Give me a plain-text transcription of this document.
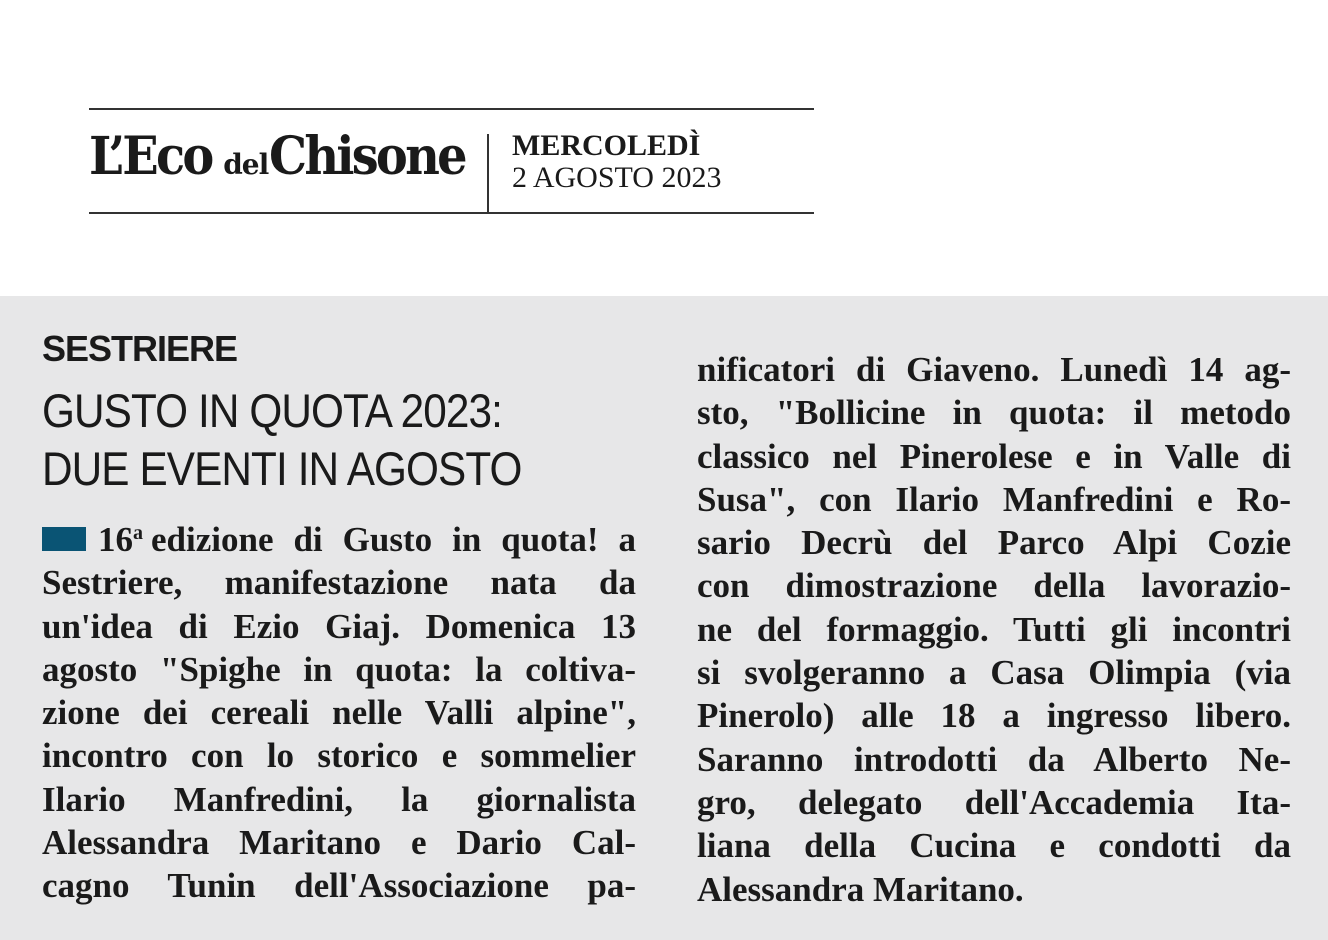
L’Eco delChisone	MERCOLEDÌ
2 AGOSTO 2023
SESTRIERE
GUSTO IN QUOTA 2023:
DUE EVENTI IN AGOSTO
16$^a$ edizione di Gusto in quota! a
Sestriere, manifestazione nata da
un'idea di Ezio Giaj. Domenica 13
agosto "Spighe in quota: la coltiva-
zione dei cereali nelle Valli alpine",
incontro con lo storico e sommelier
Ilario Manfredini, la giornalista
Alessandra Maritano e Dario Cal-
cagno Tunin dell'Associazione pa-
nificatori di Giaveno. Lunedì 14 ag-
sto, "Bollicine in quota: il metodo
classico nel Pinerolese e in Valle di
Susa", con Ilario Manfredini e Ro-
sario Decrù del Parco Alpi Cozie
con dimostrazione della lavorazio-
ne del formaggio. Tutti gli incontri
si svolgeranno a Casa Olimpia (via
Pinerolo) alle 18 a ingresso libero.
Saranno introdotti da Alberto Ne-
gro, delegato dell'Accademia Ita-
liana della Cucina e condotti da
Alessandra Maritano.
